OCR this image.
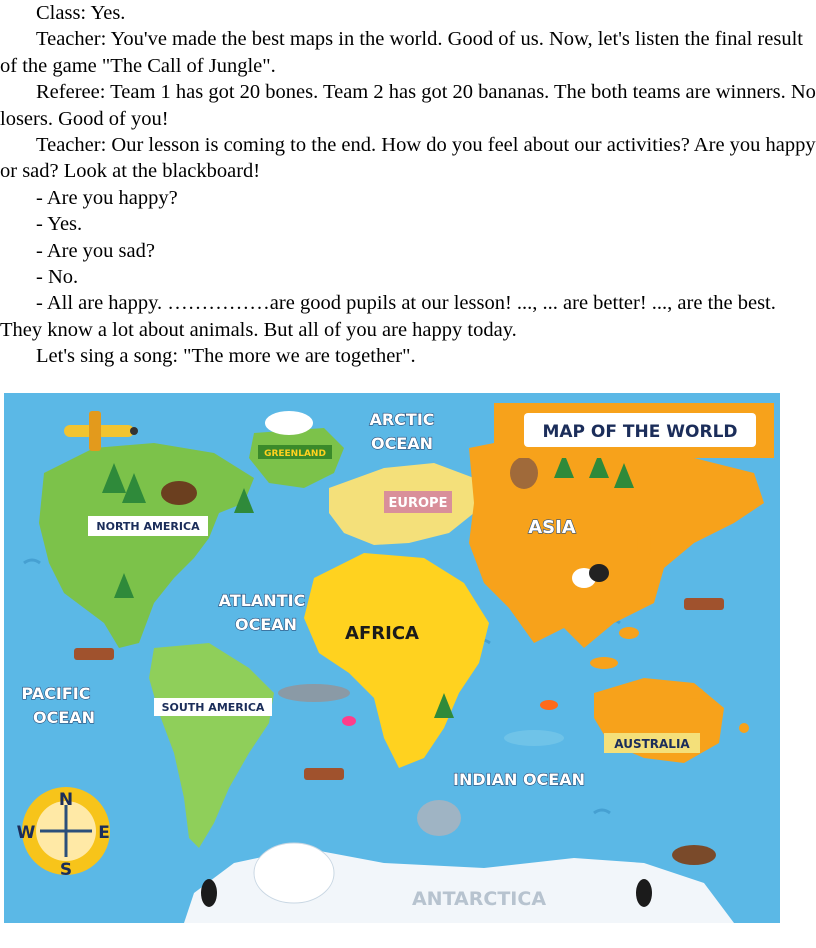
Class: Yes.

Teacher: You've made the best maps in the world. Good of us. Now, let's listen the final result of the game "The Call of Jungle".

Referee: Team 1 has got 20 bones. Team 2 has got 20 bananas. The both teams are winners. No losers. Good of you!

Teacher: Our lesson is coming to the end. How do you feel about our activities? Are you happy or sad? Look at the blackboard!

- Are you happy?

- Yes.

- Are you sad?

- No.

- All are happy. ……………are good pupils at our lesson! ..., ... are better! ..., are the best. They know a lot about animals. But all of you are happy today.

Let's sing a song: "The more we are together".

MAP OF THE WORLD
ARCTIC
OCEAN
GREENLAND
EUROPE
ASIA
NORTH AMERICA
ATLANTIC
OCEAN	AFRICA
PACIFIC
OCEAN
SOUTH AMERICA
AUSTRALIA
INDIAN OCEAN
ANTARCTICA
N
S
W	E
